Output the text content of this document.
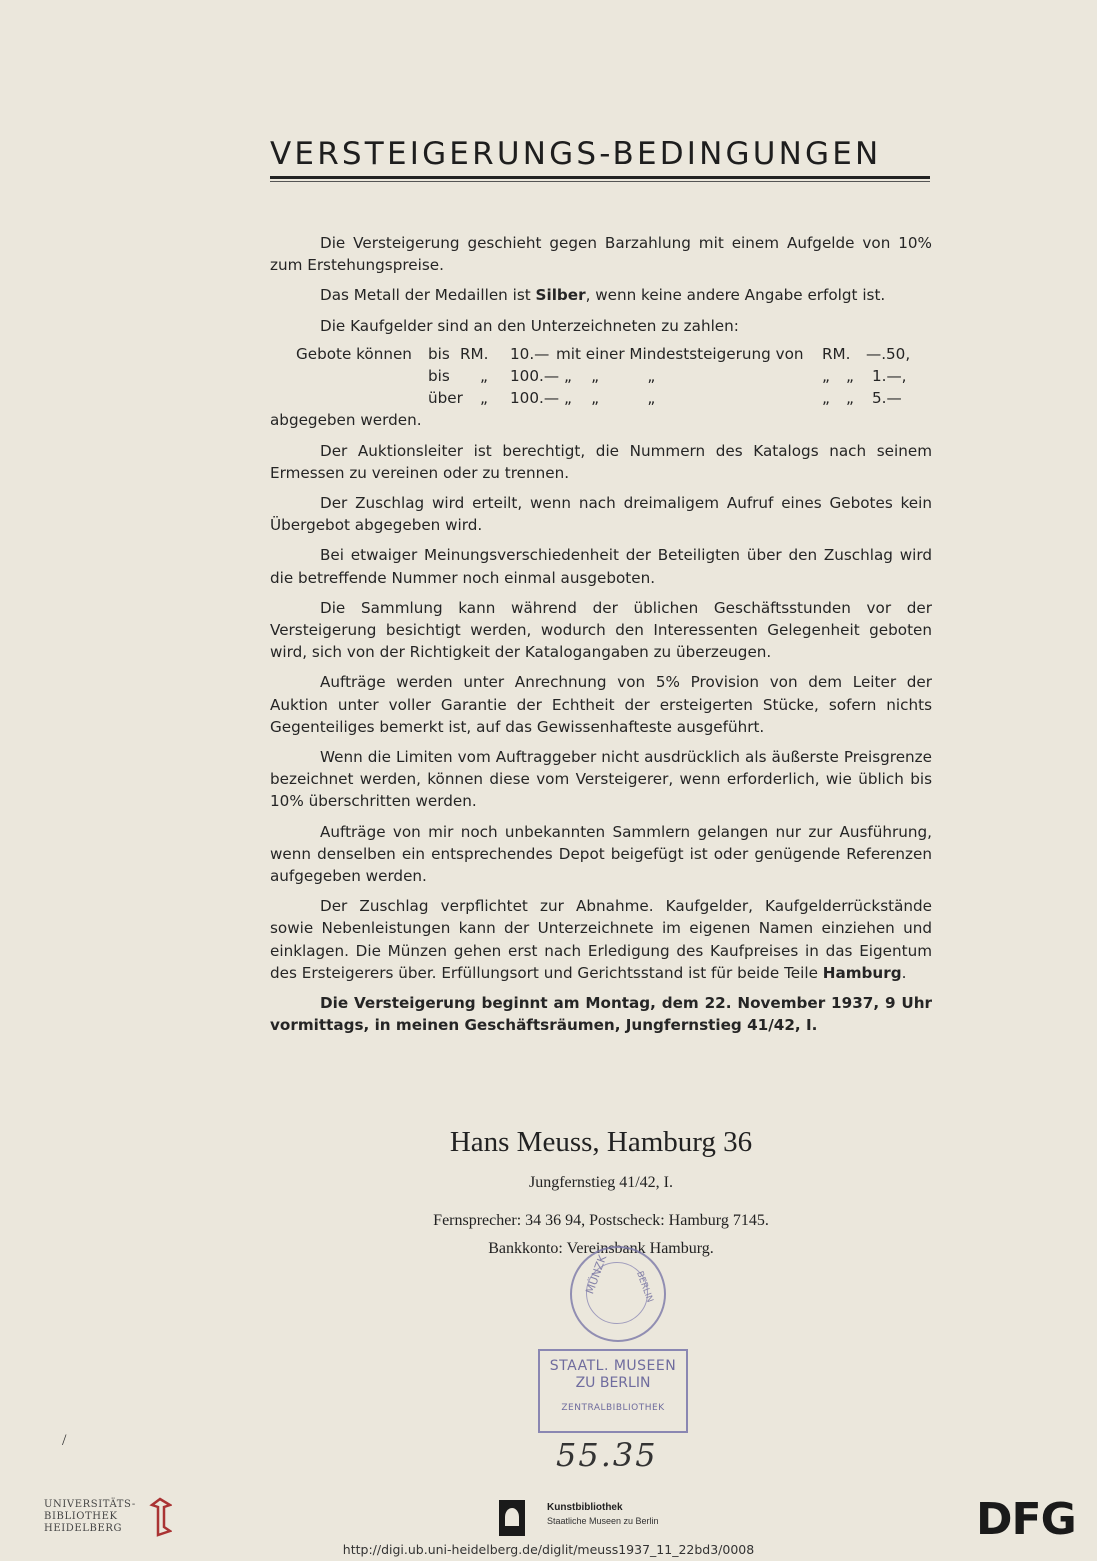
VERSTEIGERUNGS-BEDINGUNGEN

Die Versteigerung geschieht gegen Barzahlung mit einem Aufgelde von 10% zum Erstehungspreise.

Das Metall der Medaillen ist Silber, wenn keine andere Angabe erfolgt ist.

Die Kaufgelder sind an den Unterzeichneten zu zahlen:

Gebote können bis RM. 10.— mit einer Mindeststeigerung von RM. —.50,
bis „ 100.— „    „          „	„ „ 1.—,
über „ 100.— „    „          „	„ „ 5.—

abgegeben werden.

Der Auktionsleiter ist berechtigt, die Nummern des Katalogs nach seinem Ermessen zu vereinen oder zu trennen.

Der Zuschlag wird erteilt, wenn nach dreimaligem Aufruf eines Gebotes kein Übergebot abgegeben wird.

Bei etwaiger Meinungsverschiedenheit der Beteiligten über den Zuschlag wird die betreffende Nummer noch einmal ausgeboten.

Die Sammlung kann während der üblichen Geschäftsstunden vor der Versteigerung besichtigt werden, wodurch den Interessenten Gelegenheit geboten wird, sich von der Richtigkeit der Katalogangaben zu überzeugen.

Aufträge werden unter Anrechnung von 5% Provision von dem Leiter der Auktion unter voller Garantie der Echtheit der ersteigerten Stücke, sofern nichts Gegenteiliges bemerkt ist, auf das Gewissenhafteste ausgeführt.

Wenn die Limiten vom Auftraggeber nicht ausdrücklich als äußerste Preisgrenze bezeichnet werden, können diese vom Versteigerer, wenn erforderlich, wie üblich bis 10% überschritten werden.

Aufträge von mir noch unbekannten Sammlern gelangen nur zur Ausführung, wenn denselben ein entsprechendes Depot beigefügt ist oder genügende Referenzen aufgegeben werden.

Der Zuschlag verpflichtet zur Abnahme. Kaufgelder, Kaufgelderrückstände sowie Nebenleistungen kann der Unterzeichnete im eigenen Namen einziehen und einklagen. Die Münzen gehen erst nach Erledigung des Kaufpreises in das Eigentum des Ersteigerers über. Erfüllungsort und Gerichtsstand ist für beide Teile Hamburg.

Die Versteigerung beginnt am Montag, dem 22. November 1937, 9 Uhr vormittags, in meinen Geschäftsräumen, Jungfernstieg 41/42, I.

Hans Meuss, Hamburg 36
Jungfernstieg 41/42, I.
Fernsprecher: 34 36 94, Postscheck: Hamburg 7145.
Bankkonto: Vereinsbank Hamburg.
MÜNZK	BERLIN
STAATL. MUSEEN
ZU BERLIN
ZENTRALBIBLIOTHEK
55.35
/
UNIVERSITÄTS-
BIBLIOTHEK
HEIDELBERG
Kunstbibliothek
Staatliche Museen zu Berlin	DFG
http://digi.ub.uni-heidelberg.de/diglit/meuss1937_11_22bd3/0008
